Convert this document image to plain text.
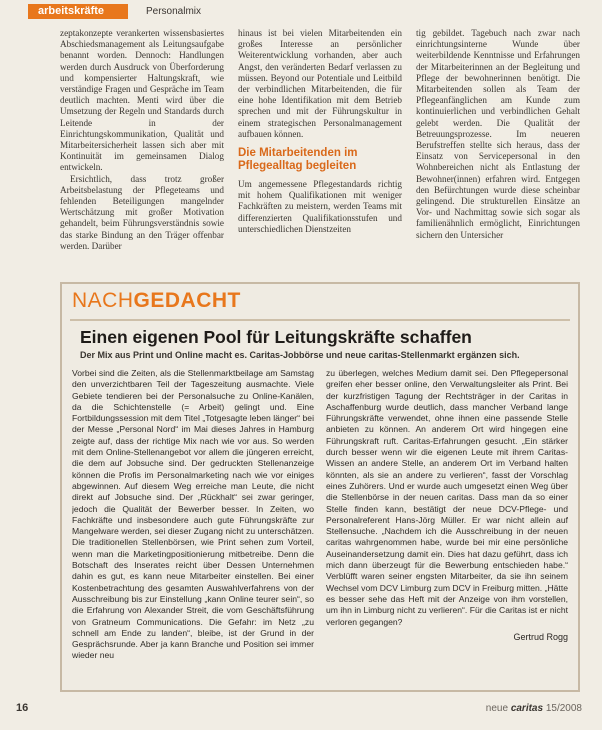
arbeitskräfte	Personalmix

zeptakonzepte verankerten wissensbasiertes Abschiedsmanagement als Leitungsaufgabe benannt worden. Dennoch: Handlungen werden durch Ausdruck von Überforderung und kompensierter Haltungskraft, wie verständige Fragen und Gespräche im Team deutlich machten. Menti wird über die Umsetzung der Regeln und Standards durch Leitende in der Einrichtungskommunikation, Qualität und Mitarbeitersicherheit lassen sich aber mit Kontinuität im gemeinsamen Dialog entwickeln.

Ersichtlich, dass trotz großer Arbeitsbelastung der Pflegeteams und fehlenden Beteiligungen mangelnder Wertschätzung mit großer Motivation gehandelt, beim Führungsverständnis sowie das starke Bindung an den Träger offenbar werden. Darüber

hinaus ist bei vielen Mitarbeitenden ein großes Interesse an persönlicher Weiterentwicklung vorhanden, aber auch Angst, den veränderten Bedarf verlassen zu müssen. Beyond our Potentiale und Leitbild der verbindlichen Mitarbeitenden, die für eine hohe Identifikation mit dem Betrieb sprechen und mit der Führungskultur in einem strategischen Personalmanagement aufbauen können.

Die Mitarbeitenden im Pflegealltag begleiten

Um angemessene Pflegestandards richtig mit hohem Qualifikationen mit weniger Fachkräften zu meistern, werden Teams mit differenzierten Qualifikationsstufen und unterschiedlichen Dienstzeiten

tig gebildet. Tagebuch nach zwar nach einrichtungsinterne Wunde über weiterbildende Kenntnisse und Erfahrungen der Mitarbeiterinnen an der Begleitung und Pflege der bewohnerinnen benötigt. Die Mitarbeitenden sollen als Team der Pflegeanfänglichen am Kunde zum kontinuierlichen und verbindlichen Gehalt gelebt werden. Die Qualität der Betreuungsprozesse. Im neueren Berufstreffen stellte sich heraus, dass der Einsatz von Servicepersonal in den Wohnbereichen nicht als Entlastung der Bewohner(innen) erfahren wird. Entgegen den Befürchtungen wurde diese scheinbar gelingend. Die strukturellen Einsätze an Vor- und Nachmittag sowie sich sogar als familienähnlich ermöglicht, Einrichtungen sichern den Untersicher

NACHGEDACHT
Einen eigenen Pool für Leitungskräfte schaffen
Der Mix aus Print und Online macht es. Caritas-Jobbörse und neue caritas-Stellenmarkt ergänzen sich.

Vorbei sind die Zeiten, als die Stellenmarktbeilage am Samstag den unverzichtbaren Teil der Tageszeitung ausmachte. Viele Gebiete tendieren bei der Personalsuche zu Online-Kanälen, da die Schichtenstelle (= Arbeit) gelingt und. Eine Fortbildungssession mit dem Titel „Totgesagte leben länger“ bei der Messe „Personal Nord“ im Mai dieses Jahres in Hamburg zeigte auf, dass der richtige Mix nach wie vor aus. So werden mit dem Online-Stellenangebot vor allem die jüngeren erreicht, die dem auf Jobsuche sind. Der gedruckten Stellenanzeige können die Profis im Personalmarketing nach wie vor einiges abgewinnen. Auf diesem Weg erreiche man Leute, die nicht direkt auf Jobsuche sind. Der „Rückhalt“ sei zwar geringer, jedoch die Qualität der Bewerber besser. In Zeiten, wo Fachkräfte und insbesondere auch gute Führungskräfte zur Mangelware werden, sei dieser Zugang nicht zu unterschätzen. Die traditionellen Stellenbörsen, wie Print sehen zum Vorteil, wenn man die Marketingpositionierung mitbetreibe. Denn die Botschaft des Inserates reicht über Dessen Unternehmen dahin es gut, es kann neue Mitarbeiter einstellen. Bei einer Kostenbetrachtung des gesamten Auswahlverfahrens von der Ausschreibung bis zur Einstellung „kann Online teurer sein“, so die Erfahrung von Alexander Streit, die vom Geschäftsführung von Gratneum Communications. Die Gefahr: im Netz „zu schnell am Ende zu landen“, bleibe, ist der Grund in der Gesprächsrunde. Aber ja kann Branche und Position sei immer wieder neu

zu überlegen, welches Medium damit sei. Den Pflegepersonal greifen eher besser online, den Verwaltungsleiter als Print. Bei der kurzfristigen Tagung der Rechtsträger in der Caritas in Aschaffenburg wurde deutlich, dass mancher Verband lange Führungskräfte verwendet, ohne ihnen eine passende Stelle anbieten zu können. An anderem Ort wird hingegen eine Führungskraft ruft. Caritas-Erfahrungen gesucht. „Ein stärker durch besser wenn wir die eigenen Leute mit ihrem Caritas-Wissen an andere Stelle, an anderem Ort im Verband halten könnten, als sie an andere zu verlieren“, fasst der Vorschlag eines Zuhörers. Und er wurde auch umgesetzt einen Weg über die Stellenbörse in der neuen caritas. Dass man da so einer Stelle finden kann, bestätigt der neue DCV-Pflege- und Personalreferent Hans-Jörg Müller. Er war nicht allein auf Stellensuche. „Nachdem ich die Ausschreibung in der neuen caritas wahrgenommen habe, wurde bei mir eine persönliche Auseinandersetzung damit ein. Dies hat dazu geführt, dass ich mich dann überzeugt für die Bewerbung entschieden habe.“ Verblüfft waren seiner engsten Mitarbeiter, da sie ihn seinem Wechsel vom DCV Limburg zum DCV in Freiburg mitten. „Hätte es besser sehe das Heft mit der Anzeige von ihm vorstellen, um ihn in Limburg nicht zu verlieren“. Für die Caritas ist er nicht verloren gegangen?

Gertrud Rogg
16	neue caritas 15/2008
